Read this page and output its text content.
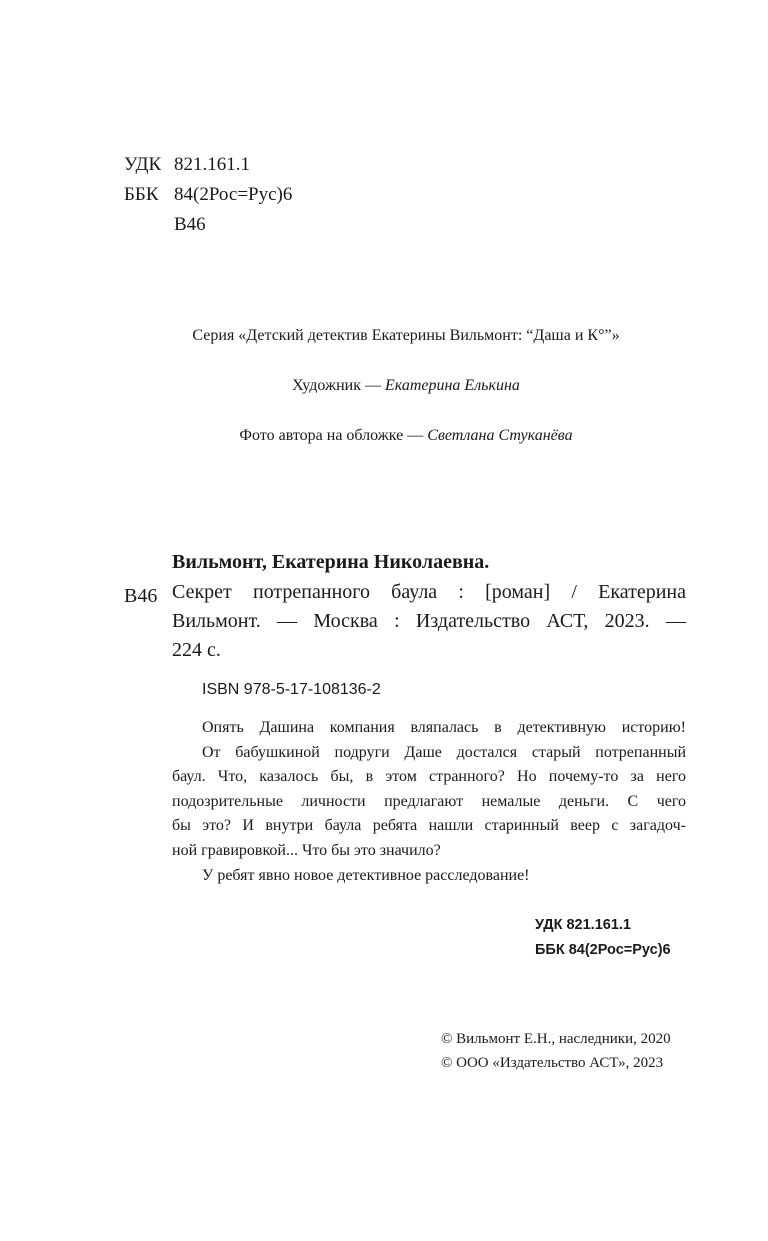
УДК 821.161.1
ББК 84(2Рос=Рус)6
В46
Серия «Детский детектив Екатерины Вильмонт: “Даша и К°”»
Художник — Екатерина Елькина
Фото автора на обложке — Светлана Стуканёва
Вильмонт, Екатерина Николаевна.
В46 Секрет потрепанного баула : [роман] / Екатерина
Вильмонт. — Москва : Издательство АСТ, 2023. —
224 с.
ISBN 978-5-17-108136-2
Опять Дашина компания вляпалась в детективную историю!
От бабушкиной подруги Даше достался старый потрепанный
баул. Что, казалось бы, в этом странного? Но почему-то за него
подозрительные личности предлагают немалые деньги. С чего
бы это? И внутри баула ребята нашли старинный веер с загадоч-
ной гравировкой... Что бы это значило?
У ребят явно новое детективное расследование!
УДК 821.161.1
ББК 84(2Рос=Рус)6
© Вильмонт Е.Н., наследники, 2020
© ООО «Издательство АСТ», 2023
